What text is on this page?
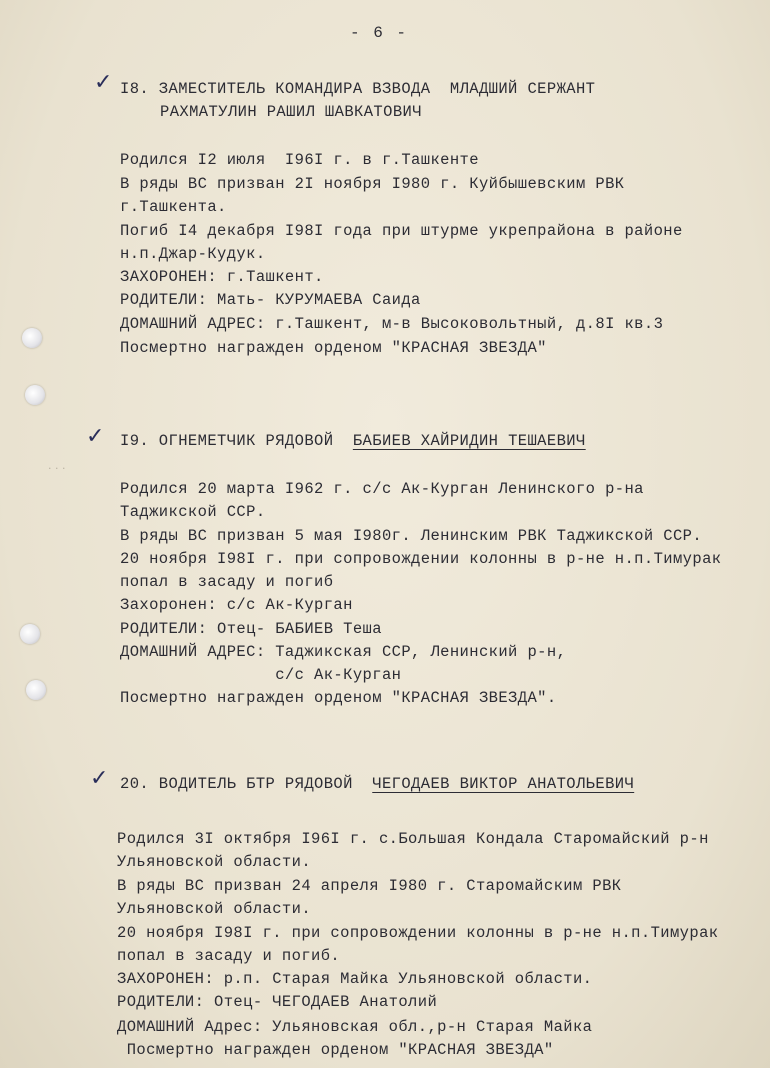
- 6 -
✓ I8. ЗАМЕСТИТЕЛЬ КОМАНДИРА ВЗВОДА  МЛАДШИЙ СЕРЖАНТ
РАХМАТУЛИН РАШИЛ ШАВКАТОВИЧ
Родился I2 июля  I96I г. в г.Ташкенте
В ряды ВС призван 2I ноября I980 г. Куйбышевским РВК
г.Ташкента.
Погиб I4 декабря I98I года при штурме укрепрайона в районе
н.п.Джар-Кудук.
ЗАХОРОНЕН: г.Ташкент.
РОДИТЕЛИ: Мать- КУРУМАЕВА Саида
ДОМАШНИЙ АДРЕС: г.Ташкент, м-в Высоковольтный, д.8I кв.3
Посмертно награжден орденом "КРАСНАЯ ЗВЕЗДА"
✓
· · ·
I9. ОГНЕМЕТЧИК РЯДОВОЙ  БАБИЕВ ХАЙРИДИН ТЕШАЕВИЧ
Родился 20 марта I962 г. с/с Ак-Курган Ленинского р-на
Таджикской ССР.
В ряды ВС призван 5 мая I980г. Ленинским РВК Таджикской ССР.
20 ноября I98I г. при сопровождении колонны в р-не н.п.Тимурак
попал в засаду и погиб
Захоронен: с/с Ак-Курган
РОДИТЕЛИ: Отец- БАБИЕВ Теша
ДОМАШНИЙ АДРЕС: Таджикская ССР, Ленинский р-н,
с/с Ак-Курган
Посмертно награжден орденом "КРАСНАЯ ЗВЕЗДА".
✓ 20. ВОДИТЕЛЬ БТР РЯДОВОЙ  ЧЕГОДАЕВ ВИКТОР АНАТОЛЬЕВИЧ
Родился 3I октября I96I г. с.Большая Кондала Старомайский р-н
Ульяновской области.
В ряды ВС призван 24 апреля I980 г. Старомайским РВК
Ульяновской области.
20 ноября I98I г. при сопровождении колонны в р-не н.п.Тимурак
попал в засаду и погиб.
ЗАХОРОНЕН: р.п. Старая Майка Ульяновской области.
РОДИТЕЛИ: Отец- ЧЕГОДАЕВ Анатолий
ДОМАШНИЙ Адрес: Ульяновская обл.,р-н Старая Майка
Посмертно награжден орденом "КРАСНАЯ ЗВЕЗДА"
